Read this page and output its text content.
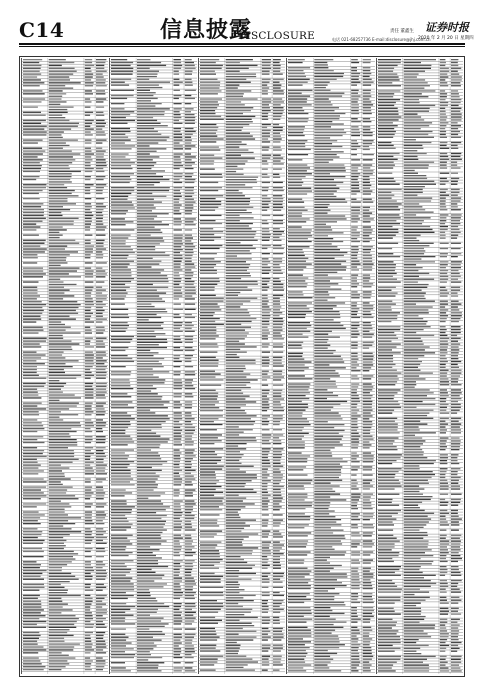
C14	信息披露
DISCLOSURE	责任 董鑫生 证券时报
电话 021-68257736 E-mail:disclosure@jhj.com.cn
2020 年 2 月 20 日 星期四
